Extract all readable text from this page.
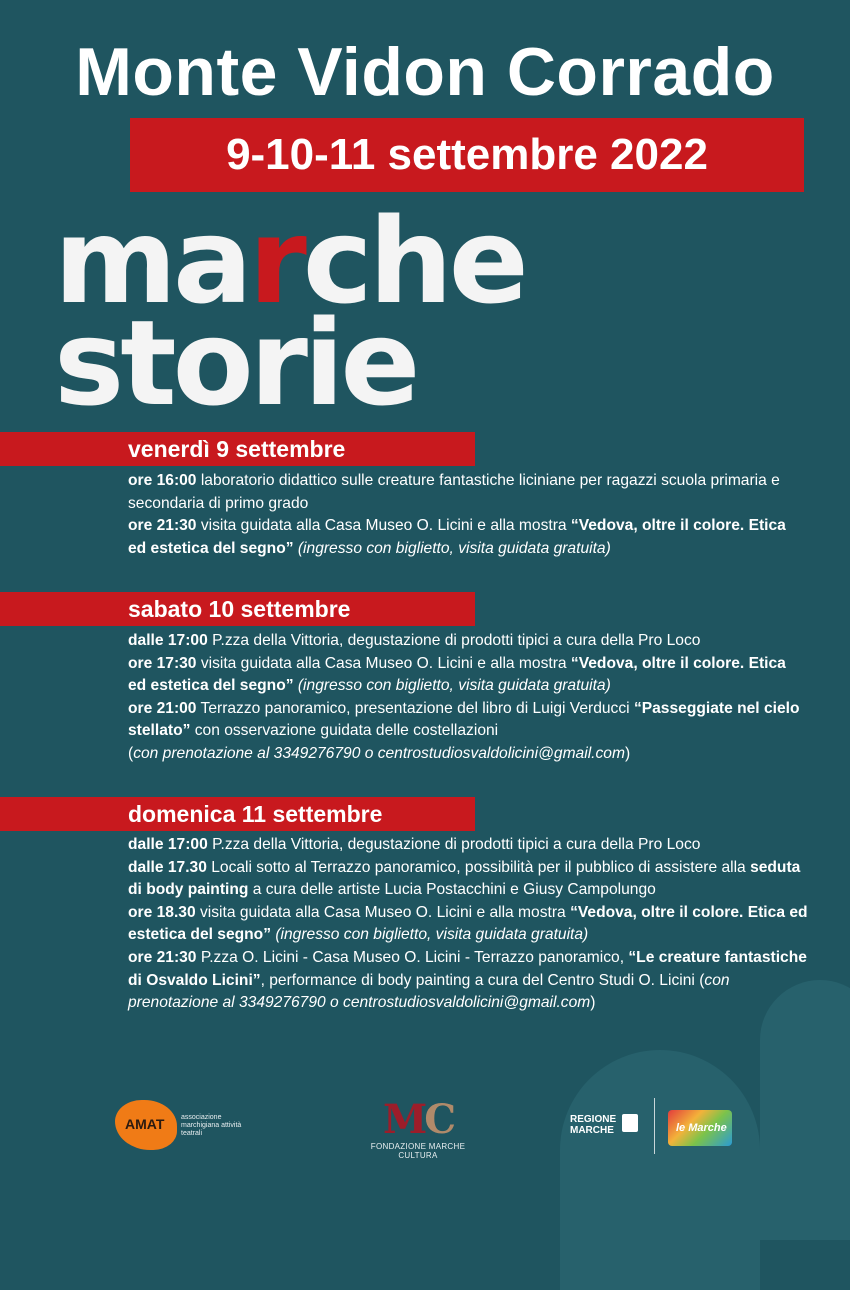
Monte Vidon Corrado
9-10-11 settembre 2022
marche
storie
venerdì 9 settembre

ore 16:00 laboratorio didattico sulle creature fantastiche liciniane per ragazzi scuola primaria e secondaria di primo grado

ore 21:30 visita guidata alla Casa Museo O. Licini e alla mostra “Vedova, oltre il colore. Etica ed estetica del segno” (ingresso con biglietto, visita guidata gratuita)

sabato 10 settembre

dalle 17:00 P.zza della Vittoria, degustazione di prodotti tipici a cura della Pro Loco

ore 17:30 visita guidata alla Casa Museo O. Licini e alla mostra “Vedova, oltre il colore. Etica ed estetica del segno” (ingresso con biglietto, visita guidata gratuita)

ore 21:00 Terrazzo panoramico, presentazione del libro di Luigi Verducci “Passeggiate nel cielo stellato” con osservazione guidata delle costellazioni
(con prenotazione al 3349276790 o centrostudiosvaldolicini@gmail.com)

domenica 11 settembre

dalle 17:00 P.zza della Vittoria, degustazione di prodotti tipici a cura della Pro Loco

dalle 17.30 Locali sotto al Terrazzo panoramico, possibilità per il pubblico di assistere alla seduta di body painting a cura delle artiste Lucia Postacchini e Giusy Campolungo

ore 18.30 visita guidata alla Casa Museo O. Licini e alla mostra “Vedova, oltre il colore. Etica ed estetica del segno” (ingresso con biglietto, visita guidata gratuita)

ore 21:30 P.zza O. Licini - Casa Museo O. Licini - Terrazzo panoramico, “Le creature fantastiche di Osvaldo Licini”, performance di body painting a cura del Centro Studi O. Licini (con prenotazione al 3349276790 o centrostudiosvaldolicini@gmail.com)

AMAT associazione marchigiana attività teatrali	MC
FONDAZIONE MARCHE CULTURA
REGIONE MARCHE	le Marche
